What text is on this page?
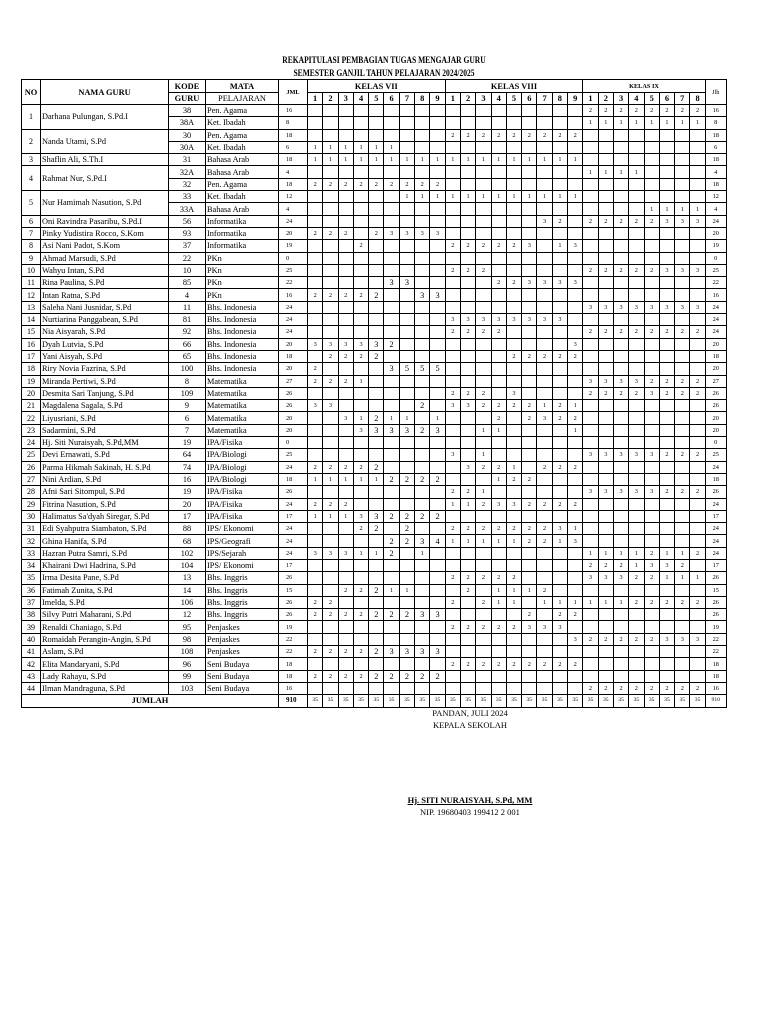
REKAPITULASI PEMBAGIAN TUGAS MENGAJAR GURU
SEMESTER GANJIL TAHUN PELAJARAN 2024/2025
NO	NAMA GURU	KODE	MATA	JML	KELAS VII									KELAS VIII									KELAS IX								Jlh
		GURU	PELAJARAN		1	2	3	4	5	6	7	8	9	1	2	3	4	5	6	7	8	9	1	2	3	4	5	6	7	8	
1	Darhana Pulungan, S.Pd.I	38	Pen. Agama	16																			2	2	2	2	2	2	2	2	16
		38A	Ket. Ibadah	8																			1	1	1	1	1	1	1	1	8
2	Nanda Utami, S.Pd	30	Pen. Agama	18										2	2	2	2	2	2	2	2	2									18
		30A	Ket. Ibadah	6	1	1	1	1	1	1																					6
3	Shaflin Ali, S.Th.I	31	Bahasa Arab	18	1	1	1	1	1	1	1	1	1	1	1	1	1	1	1	1	1	1									18
4	Rahmat Nur, S.Pd.I	32A	Bahasa Arab	4																			1	1	1	1					4
		32	Pen. Agama	18	2	2	2	2	2	2	2	2	2																		18
5	Nur Hamimah Nasution, S.Pd	33	Ket. Ibadah	12							1	1	1	1	1	1	1	1	1	1	1	1									12
		33A	Bahasa Arab	4																							1	1	1	1	4
6	Oni Ravindra Pasaribu, S.Pd.I	56	Informatika	24																3	2		2	2	2	2	2	3	3	3	24
7	Pinky Yudistira Rocco, S.Kom	93	Informatika	20	2	2	2		2	3	3	3	3																		20
8	Asi Nani Padot, S.Kom	37	Informatika	19				2						2	2	2	2	2	3		1	3									19
9	Ahmad Marsudi, S.Pd	22	PKn	0																											0
10	Wahyu Intan, S.Pd	10	PKn	25										2	2	2							2	2	2	2	2	3	3	3	25
11	Rina Paulina, S.Pd	85	PKn	22						3	3						2	2	3	3	3	3									22
12	Intan Ratna, S.Pd	4	PKn	16	2	2	2	2	2			3	3																		16
13	Saleha Nani Jusnidar, S.Pd	11	Bhs. Indonesia	24																			3	3	3	3	3	3	3	3	24
14	Nurtiarina Panggabean, S.Pd	81	Bhs. Indonesia	24										3	3	3	3	3	3	3	3										24
15	Nia Aisyarah, S.Pd	92	Bhs. Indonesia	24										2	2	2	2						2	2	2	2	2	2	2	2	24
16	Dyah Lutvia, S.Pd	66	Bhs. Indonesia	20	3	3	3	3	3	2												3									20
17	Yani Aisyah, S.Pd	65	Bhs. Indonesia	18		2	2	2	2									2	2	2	2	2									18
18	Riry Novia Fazrina, S.Pd	100	Bhs. Indonesia	20	2					3	5	5	5																		20
19	Miranda Pertiwi, S.Pd	8	Matematika	27	2	2	2	1															3	3	3	3	2	2	2	2	27
20	Desmita Sari Tanjung, S.Pd	109	Matematika	26										2	2	2		3					2	2	2	2	3	2	2	2	26
21	Magdalena Sagala, S.Pd	9	Matematika	26	3	3						2		3	3	2	2	2	2	1	2	1									26
22	Liyusriani, S.Pd	6	Matematika	20			3	1	2	1	1		1				2		2	3	2	2									20
23	Sadarmini, S.Pd	7	Matematika	20				3	3	3	3	2	3			1	1					1									20
24	Hj. Siti Nuraisyah, S.Pd,MM	19	IPA/Fisika	0																											0
25	Devi Ernawati, S.Pd	64	IPA/Biologi	25										3		1							3	3	3	3	3	2	2	2	25
26	Parma Hikmah Sakinah, H. S.Pd	74	IPA/Biologi	24	2	2	2	2	2						3	2	2	1		2	2	2									24
27	Nini Ardian, S.Pd	16	IPA/Biologi	18	1	1	1	1	1	2	2	2	2				1	2	2												18
28	Afni Sari Sitompul, S.Pd	19	IPA/Fisika	26										2	2	1							3	3	3	3	3	2	2	2	26
29	Fitrina Nasution, S.Pd	20	IPA/Fisika	24	2	2	2							1	1	2	3	3	2	2	2	2									24
30	Halimatus Sa'dyah Siregar, S.Pd	17	IPA/Fisika	17	1	1	1	3	3	2	2	2	2																		17
31	Edi Syahputra Siambaton, S.Pd	88	IPS/ Ekonomi	24				2	2		2			2	2	2	2	2	2	2	3	1									24
32	Ghina Hanifa, S.Pd	68	IPS/Geografi	24						2	2	3	4	1	1	1	1	1	2	2	1	3									24
33	Hazran Putra Samri, S.Pd	102	IPS/Sejarah	24	3	3	3	1	1	2		1											1	1	1	1	2	1	1	2	24
34	Khairani Dwi Hadrina, S.Pd	104	IPS/ Ekonomi	17																			2	2	2	1	3	3	2		17
35	Irma Desita Pane, S.Pd	13	Bhs. Inggris	26										2	2	2	2	2					3	3	3	2	2	1	1	1	26
36	Fatimah Zunita, S.Pd	14	Bhs. Inggris	15			2	2	2	1	1				2		1	1	1	2											15
37	Imelda, S.Pd	106	Bhs. Inggris	26	2	2								2		2	1	1		1	1	1	1	1	1	2	2	2	2	2	26
38	Silvy Putri Maharani, S.Pd	12	Bhs. Inggris	26	2	2	2	2	2	2	2	3	3						2		2	2									26
39	Renaldi Chaniago, S.Pd	95	Penjaskes	19										2	2	2	2	2	3	3	3										19
40	Romaidah Perangin-Angin, S.Pd	98	Penjaskes	22																		3	2	2	2	2	2	3	3	3	22
41	Aslam, S.Pd	108	Penjaskes	22	2	2	2	2	2	3	3	3	3																		22
42	Elita Mandaryani, S.Pd	96	Seni Budaya	18										2	2	2	2	2	2	2	2	2									18
43	Lady Rahayu, S.Pd	99	Seni Budaya	18	2	2	2	2	2	2	2	2	2																		18
44	Ilman Mandraguna, S.Pd	103	Seni Budaya	16																			2	2	2	2	2	2	2	2	16
JUMLAH				910	35	35	35	35	35	35	35	35	35	35	35	35	35	35	35	35	35	35	35	35	35	35	35	35	35	35	910
PANDAN, JULI 2024
KEPALA SEKOLAH
Hj. SITI NURAISYAH, S.Pd, MM
NIP. 19680403 199412 2 001
